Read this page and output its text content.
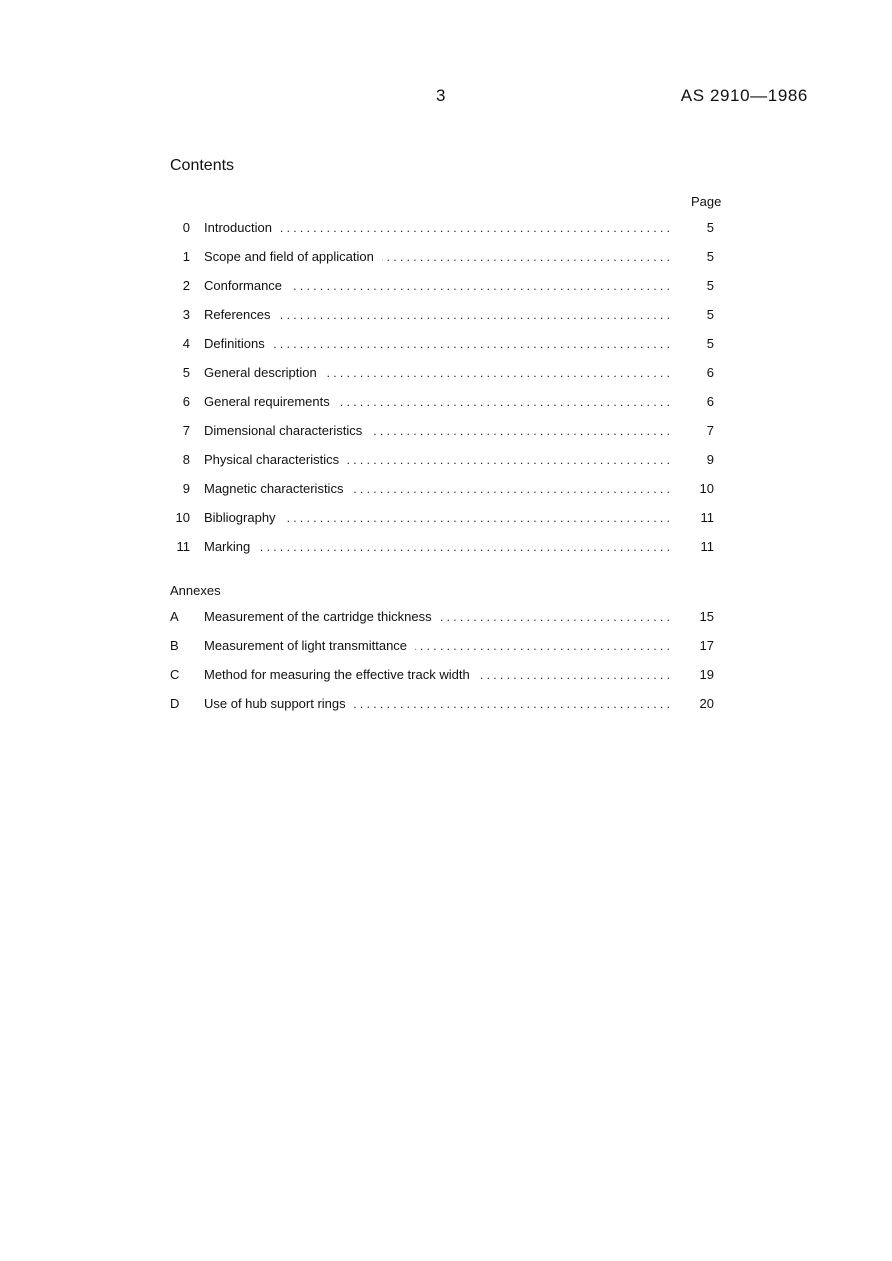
3	AS 2910—1986
Contents
Page
0 Introduction . . .	5
1 Scope and field of application . . .	5
2 Conformance . . .	5
3 References . . .	5
4 Definitions . . .	5
5 General description . . .	6
6 General requirements . . .	6
7 Dimensional characteristics . . .	7
8 Physical characteristics . . .	9
9 Magnetic characteristics . . .	10
10 Bibliography . . .	11
11 Marking . . .	11
Annexes
A	Measurement of the cartridge thickness . . .	15
B	Measurement of light transmittance . . .	17
C	Method for measuring the effective track width . . .	19
D	Use of hub support rings . . .	20
